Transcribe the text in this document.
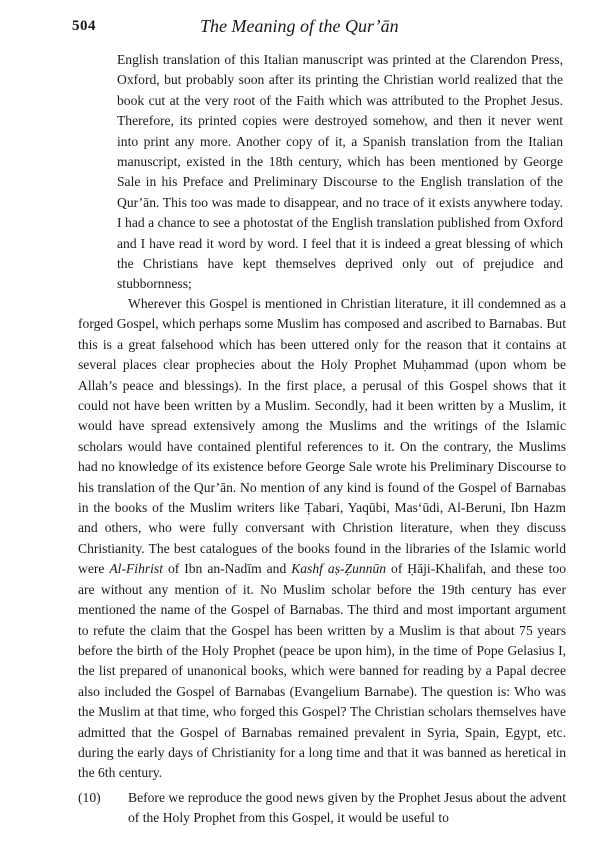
504	The Meaning of the Qur’ān

English translation of this Italian manuscript was printed at the Clarendon Press, Oxford, but probably soon after its printing the Christian world realized that the book cut at the very root of the Faith which was attributed to the Prophet Jesus. Therefore, its printed copies were destroyed somehow, and then it never went into print any more. Another copy of it, a Spanish translation from the Italian manuscript, existed in the 18th century, which has been mentioned by George Sale in his Preface and Preliminary Discourse to the English translation of the Qur’ān. This too was made to disappear, and no trace of it exists anywhere today. I had a chance to see a photostat of the English translation published from Oxford and I have read it word by word. I feel that it is indeed a great blessing of which the Christians have kept themselves deprived only out of prejudice and stubbornness;

Wherever this Gospel is mentioned in Christian literature, it ill condemned as a forged Gospel, which perhaps some Muslim has composed and ascribed to Barnabas. But this is a great falsehood which has been uttered only for the reason that it contains at several places clear prophecies about the Holy Prophet Muḥammad (upon whom be Allah’s peace and blessings). In the first place, a perusal of this Gospel shows that it could not have been written by a Muslim. Secondly, had it been written by a Muslim, it would have spread extensively among the Muslims and the writings of the Islamic scholars would have contained plentiful references to it. On the contrary, the Muslims had no knowledge of its existence before George Sale wrote his Preliminary Discourse to his translation of the Qur’ān. No mention of any kind is found of the Gospel of Barnabas in the books of the Muslim writers like Ṭabari, Yaqūbi, Mas‘ūdi, Al-Beruni, Ibn Hazm and others, who were fully conversant with Christion literature, when they discuss Christianity. The best catalogues of the books found in the libraries of the Islamic world were Al-Fihrist of Ibn an-Nadīm and Kashf aṣ-Ẓunnūn of Ḥāji-Khalifah, and these too are without any mention of it. No Muslim scholar before the 19th century has ever mentioned the name of the Gospel of Barnabas. The third and most important argument to refute the claim that the Gospel has been written by a Muslim is that about 75 years before the birth of the Holy Prophet (peace be upon him), in the time of Pope Gelasius I, the list prepared of unanonical books, which were banned for reading by a Papal decree also included the Gospel of Barnabas (Evangelium Barnabe). The question is: Who was the Muslim at that time, who forged this Gospel? The Christian scholars themselves have admitted that the Gospel of Barnabas remained prevalent in Syria, Spain, Egypt, etc. during the early days of Christianity for a long time and that it was banned as heretical in the 6th century.

(10) Before we reproduce the good news given by the Prophet Jesus about the advent of the Holy Prophet from this Gospel, it would be useful to
